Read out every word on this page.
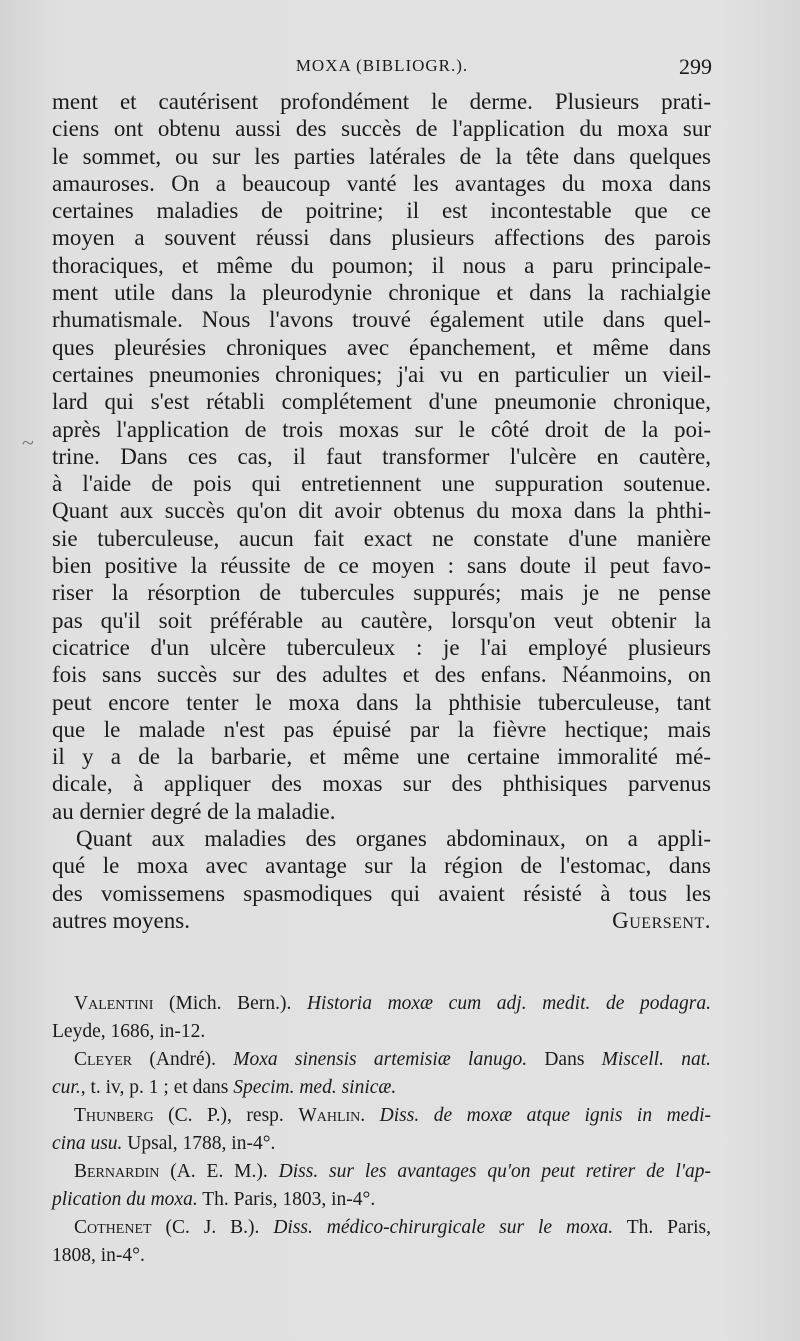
MOXA (BIBLIOGR.).	299
~
ment et cautérisent profondément le derme. Plusieurs prati-
ciens ont obtenu aussi des succès de l'application du moxa sur
le sommet, ou sur les parties latérales de la tête dans quelques
amauroses. On a beaucoup vanté les avantages du moxa dans
certaines maladies de poitrine; il est incontestable que ce
moyen a souvent réussi dans plusieurs affections des parois
thoraciques, et même du poumon; il nous a paru principale-
ment utile dans la pleurodynie chronique et dans la rachialgie
rhumatismale. Nous l'avons trouvé également utile dans quel-
ques pleurésies chroniques avec épanchement, et même dans
certaines pneumonies chroniques; j'ai vu en particulier un vieil-
lard qui s'est rétabli complétement d'une pneumonie chronique,
après l'application de trois moxas sur le côté droit de la poi-
trine. Dans ces cas, il faut transformer l'ulcère en cautère,
à l'aide de pois qui entretiennent une suppuration soutenue.
Quant aux succès qu'on dit avoir obtenus du moxa dans la phthi-
sie tuberculeuse, aucun fait exact ne constate d'une manière
bien positive la réussite de ce moyen : sans doute il peut favo-
riser la résorption de tubercules suppurés; mais je ne pense
pas qu'il soit préférable au cautère, lorsqu'on veut obtenir la
cicatrice d'un ulcère tuberculeux : je l'ai employé plusieurs
fois sans succès sur des adultes et des enfans. Néanmoins, on
peut encore tenter le moxa dans la phthisie tuberculeuse, tant
que le malade n'est pas épuisé par la fièvre hectique; mais
il y a de la barbarie, et même une certaine immoralité mé-
dicale, à appliquer des moxas sur des phthisiques parvenus
au dernier degré de la maladie.
Quant aux maladies des organes abdominaux, on a appli-
qué le moxa avec avantage sur la région de l'estomac, dans
des vomissemens spasmodiques qui avaient résisté à tous les
autres moyens.	Guersent.
Valentini (Mich. Bern.). Historia moxæ cum adj. medit. de podagra.
Leyde, 1686, in-12.
Cleyer (André). Moxa sinensis artemisiæ lanugo. Dans Miscell. nat.
cur., t. iv, p. 1 ; et dans Specim. med. sinicæ.
Thunberg (C. P.), resp. Wahlin. Diss. de moxæ atque ignis in medi-
cina usu. Upsal, 1788, in-4°.
Bernardin (A. E. M.). Diss. sur les avantages qu'on peut retirer de l'ap-
plication du moxa. Th. Paris, 1803, in-4°.
Cothenet (C. J. B.). Diss. médico-chirurgicale sur le moxa. Th. Paris,
1808, in-4°.
